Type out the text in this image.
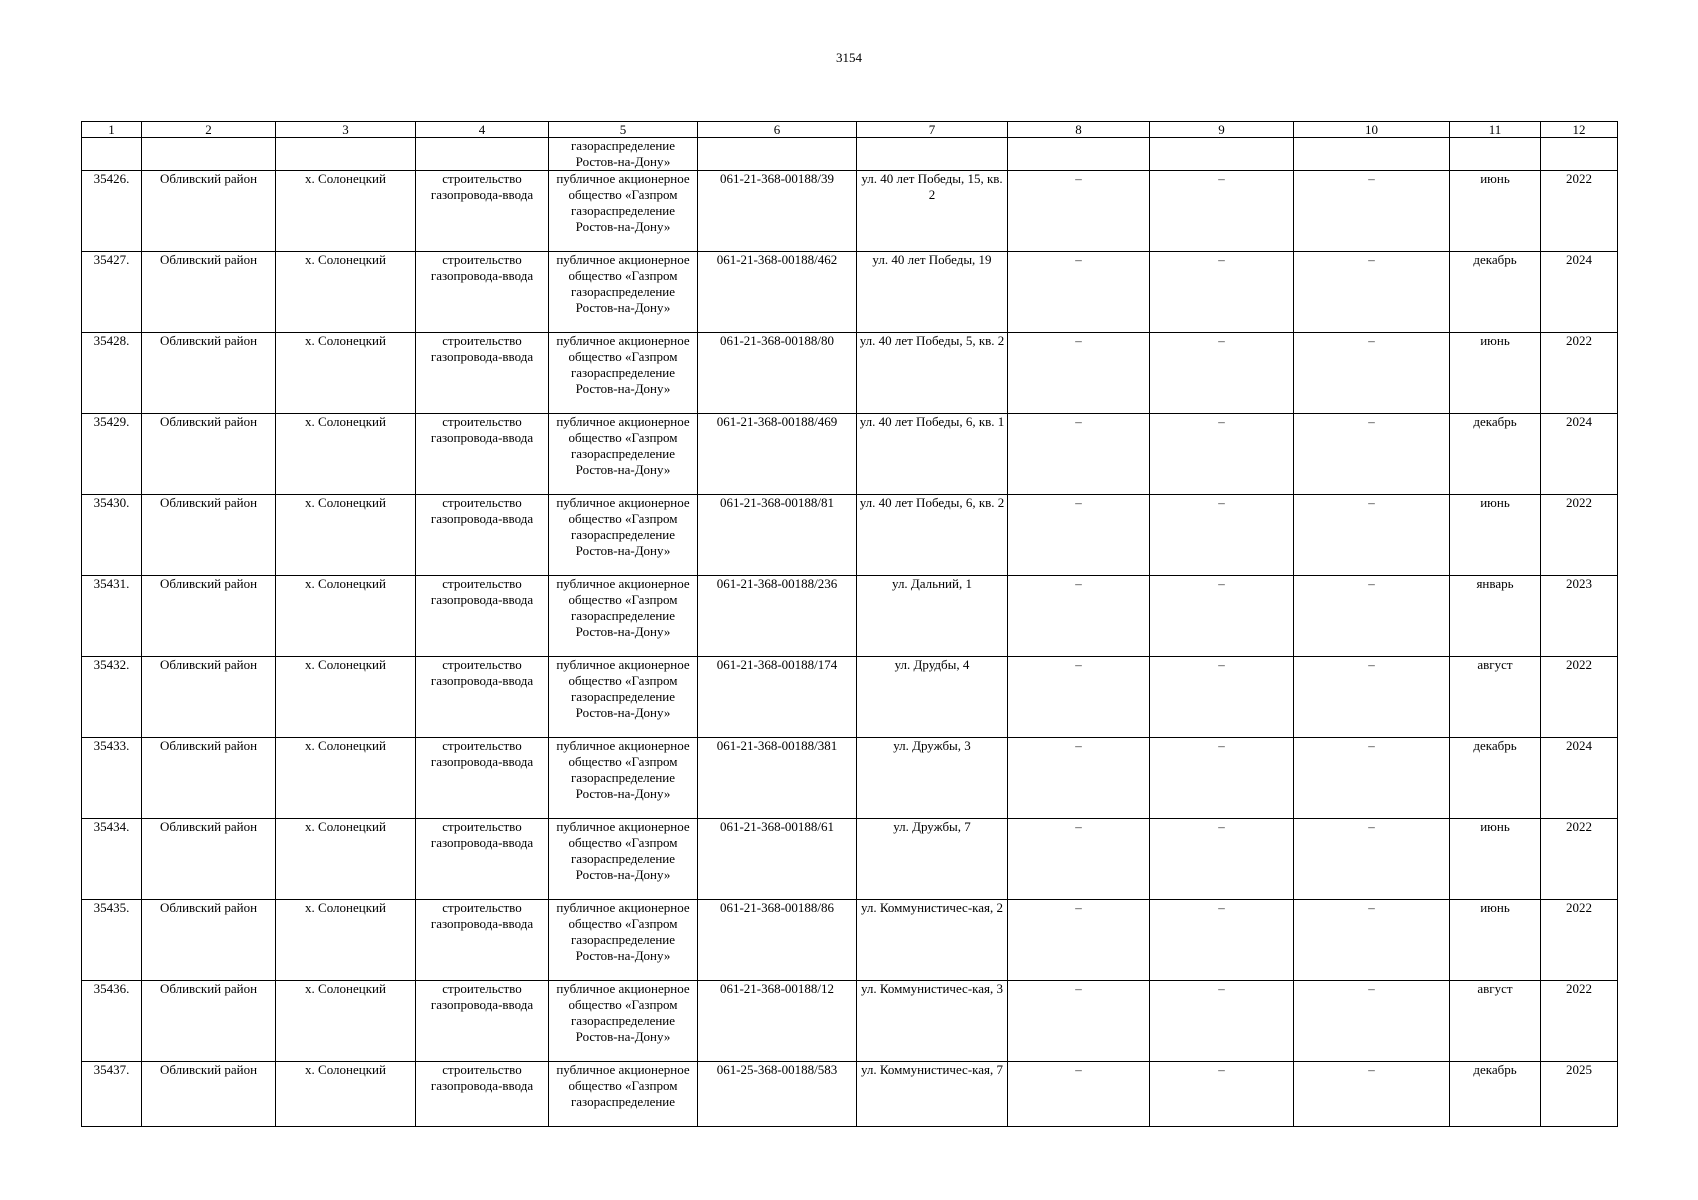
3154
1	2	3	4	5	6	7	8	9	10	11	12
				газораспределение Ростов-на-Дону»							
35426.	Обливский район	х. Солонецкий	строительство газопровода-ввода	публичное акционерное общество «Газпром газораспределение Ростов-на-Дону»	061-21-368-00188/39	ул. 40 лет Победы, 15, кв. 2	–	–	–	июнь	2022
35427.	Обливский район	х. Солонецкий	строительство газопровода-ввода	публичное акционерное общество «Газпром газораспределение Ростов-на-Дону»	061-21-368-00188/462	ул. 40 лет Победы, 19	–	–	–	декабрь	2024
35428.	Обливский район	х. Солонецкий	строительство газопровода-ввода	публичное акционерное общество «Газпром газораспределение Ростов-на-Дону»	061-21-368-00188/80	ул. 40 лет Победы, 5, кв. 2	–	–	–	июнь	2022
35429.	Обливский район	х. Солонецкий	строительство газопровода-ввода	публичное акционерное общество «Газпром газораспределение Ростов-на-Дону»	061-21-368-00188/469	ул. 40 лет Победы, 6, кв. 1	–	–	–	декабрь	2024
35430.	Обливский район	х. Солонецкий	строительство газопровода-ввода	публичное акционерное общество «Газпром газораспределение Ростов-на-Дону»	061-21-368-00188/81	ул. 40 лет Победы, 6, кв. 2	–	–	–	июнь	2022
35431.	Обливский район	х. Солонецкий	строительство газопровода-ввода	публичное акционерное общество «Газпром газораспределение Ростов-на-Дону»	061-21-368-00188/236	ул. Дальний, 1	–	–	–	январь	2023
35432.	Обливский район	х. Солонецкий	строительство газопровода-ввода	публичное акционерное общество «Газпром газораспределение Ростов-на-Дону»	061-21-368-00188/174	ул. Друдбы, 4	–	–	–	август	2022
35433.	Обливский район	х. Солонецкий	строительство газопровода-ввода	публичное акционерное общество «Газпром газораспределение Ростов-на-Дону»	061-21-368-00188/381	ул. Дружбы, 3	–	–	–	декабрь	2024
35434.	Обливский район	х. Солонецкий	строительство газопровода-ввода	публичное акционерное общество «Газпром газораспределение Ростов-на-Дону»	061-21-368-00188/61	ул. Дружбы, 7	–	–	–	июнь	2022
35435.	Обливский район	х. Солонецкий	строительство газопровода-ввода	публичное акционерное общество «Газпром газораспределение Ростов-на-Дону»	061-21-368-00188/86	ул. Коммунистичес-кая, 2	–	–	–	июнь	2022
35436.	Обливский район	х. Солонецкий	строительство газопровода-ввода	публичное акционерное общество «Газпром газораспределение Ростов-на-Дону»	061-21-368-00188/12	ул. Коммунистичес-кая, 3	–	–	–	август	2022
35437.	Обливский район	х. Солонецкий	строительство газопровода-ввода	публичное акционерное общество «Газпром газораспределение	061-25-368-00188/583	ул. Коммунистичес-кая, 7	–	–	–	декабрь	2025
